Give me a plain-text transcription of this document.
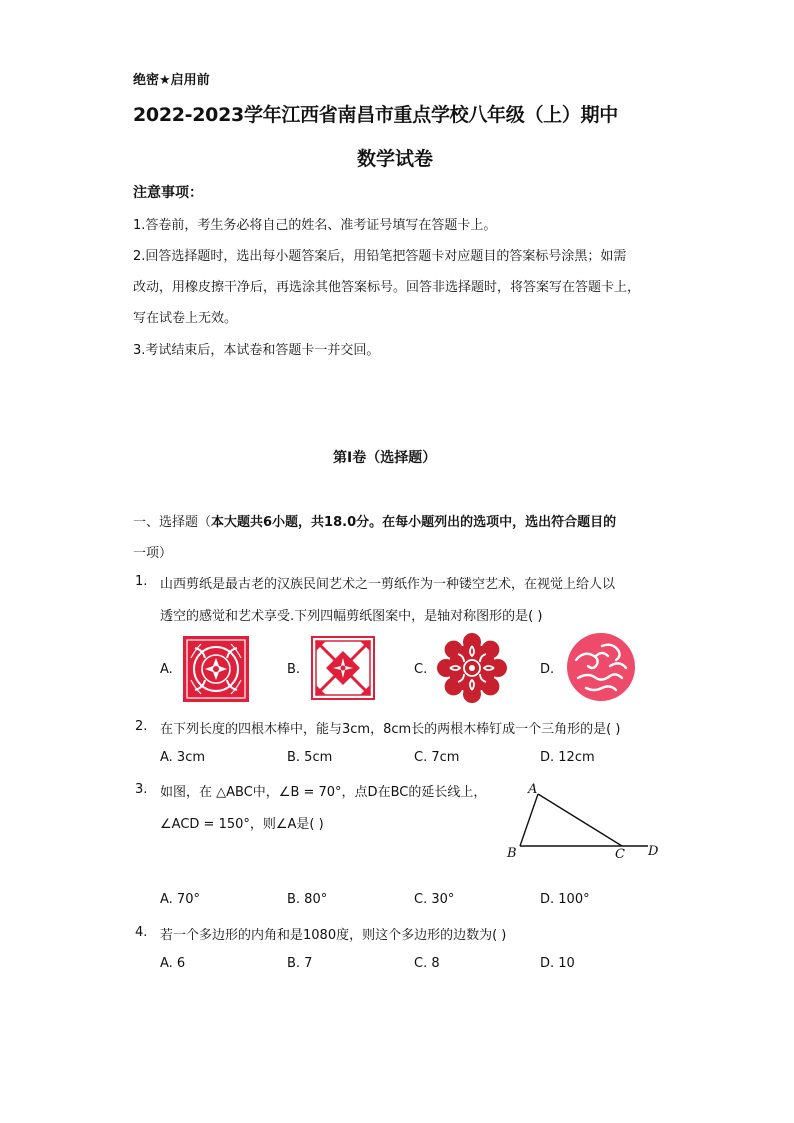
绝密★启用前
2022-2023学年江西省南昌市重点学校八年级（上）期中
数学试卷
注意事项：
1.答卷前，考生务必将自己的姓名、准考证号填写在答题卡上。
2.回答选择题时，选出每小题答案后，用铅笔把答题卡对应题目的答案标号涂黑；如需
改动，用橡皮擦干净后，再选涂其他答案标号。回答非选择题时，将答案写在答题卡上，
写在试卷上无效。
3.考试结束后，本试卷和答题卡一并交回。
第Ⅰ卷（选择题）
一、选择题（本大题共6小题，共18.0分。在每小题列出的选项中，选出符合题目的
一项）
1. 山西剪纸是最古老的汉族民间艺术之一剪纸作为一种镂空艺术，在视觉上给人以
透空的感觉和艺术享受.下列四幅剪纸图案中，是轴对称图形的是( )
A.	B.	C.	D.
2. 在下列长度的四根木棒中，能与3cm，8cm长的两根木棒钉成一个三角形的是( )
A. 3cm	B. 5cm	C. 7cm	D. 12cm
3. 如图，在 △ABC中，∠B = 70°，点D在BC的延长线上，
∠ACD = 150°，则∠A是( )
A
B	C D
A. 70°	B. 80°	C. 30°	D. 100°
4. 若一个多边形的内角和是1080度，则这个多边形的边数为( )
A. 6	B. 7	C. 8	D. 10
